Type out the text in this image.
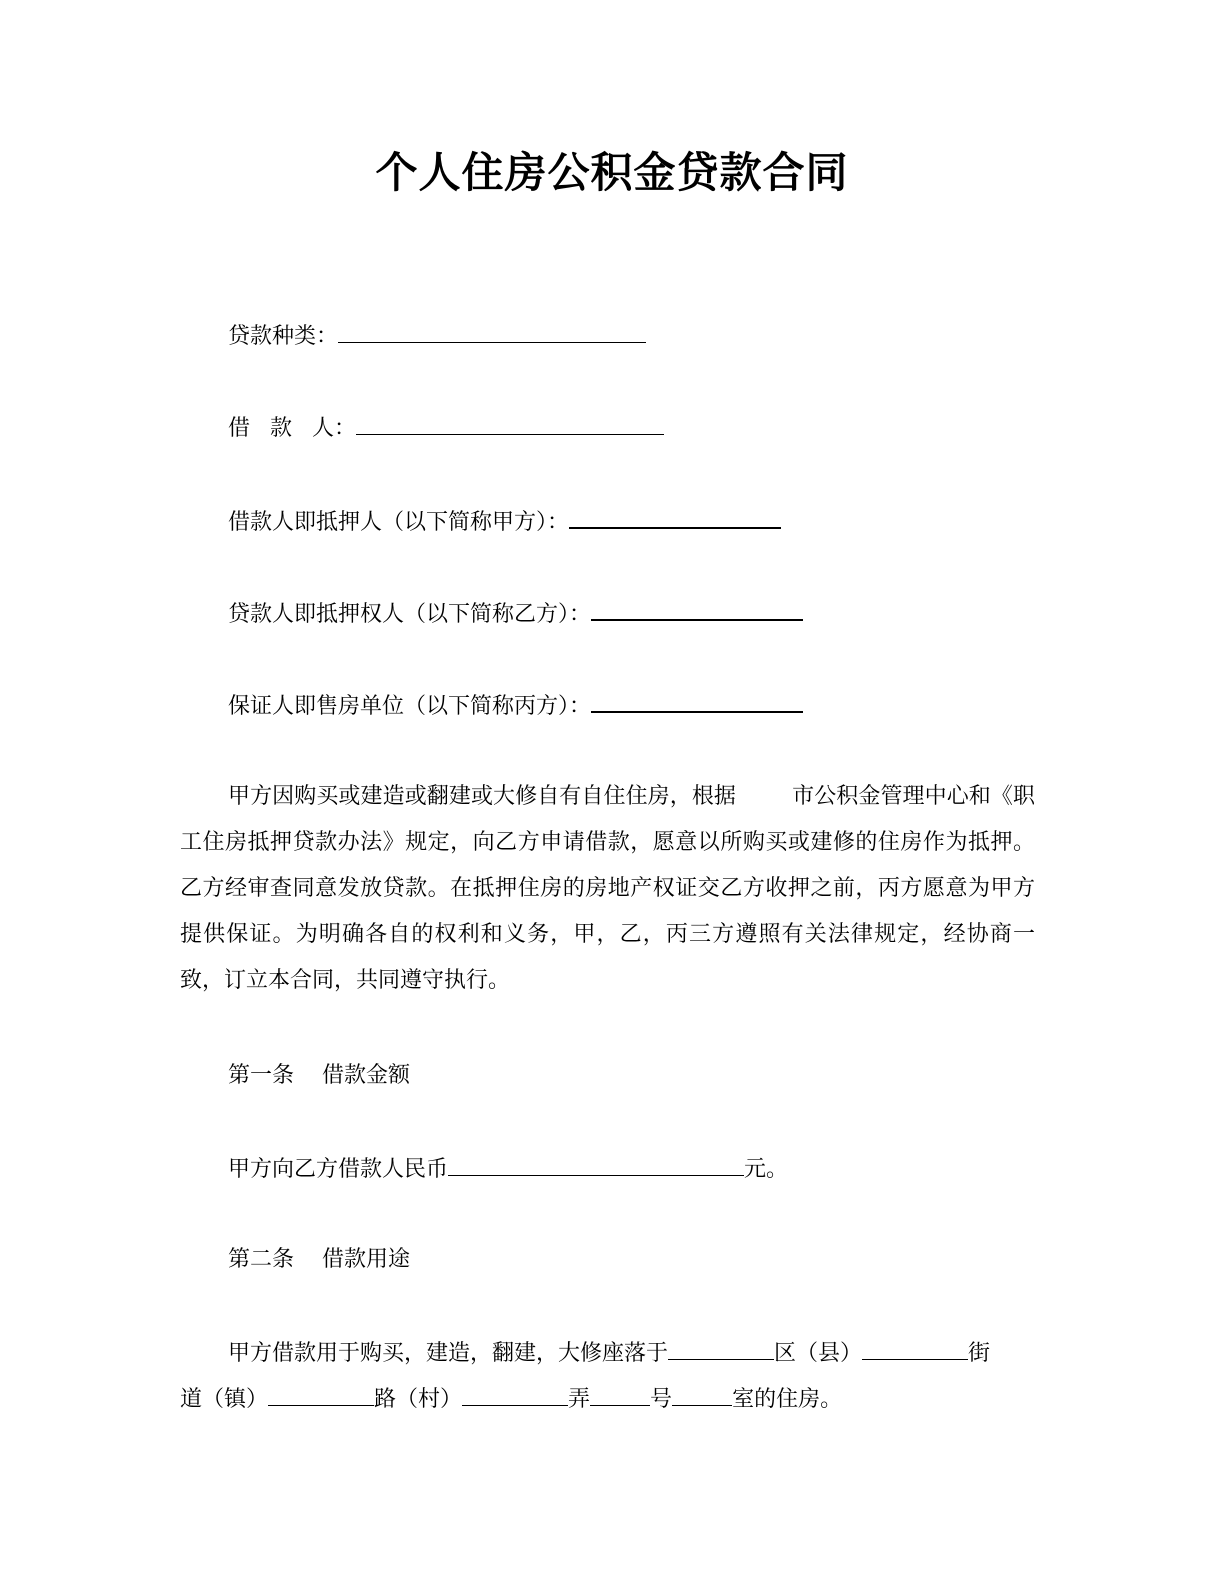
个人住房公积金贷款合同
贷款种类：
借 款 人：
借款人即抵押人（以下简称甲方）：
贷款人即抵押权人（以下简称乙方）：
保证人即售房单位（以下简称丙方）：
甲方因购买或建造或翻建或大修自有自住住房，根据	市公积金管理中心和《职工住房抵押贷款办法》规定，向乙方申请借款，愿意以所购买或建修的住房作为抵押。乙方经审查同意发放贷款。在抵押住房的房地产权证交乙方收押之前，丙方愿意为甲方提供保证。为明确各自的权利和义务，甲，乙，丙三方遵照有关法律规定，经协商一致，订立本合同，共同遵守执行。
第一条 借款金额
甲方向乙方借款人民币	元。
第二条 借款用途
甲方借款用于购买，建造，翻建，大修座落于	区（县）	街
道（镇）	路（村）	弄	号	室的住房。
